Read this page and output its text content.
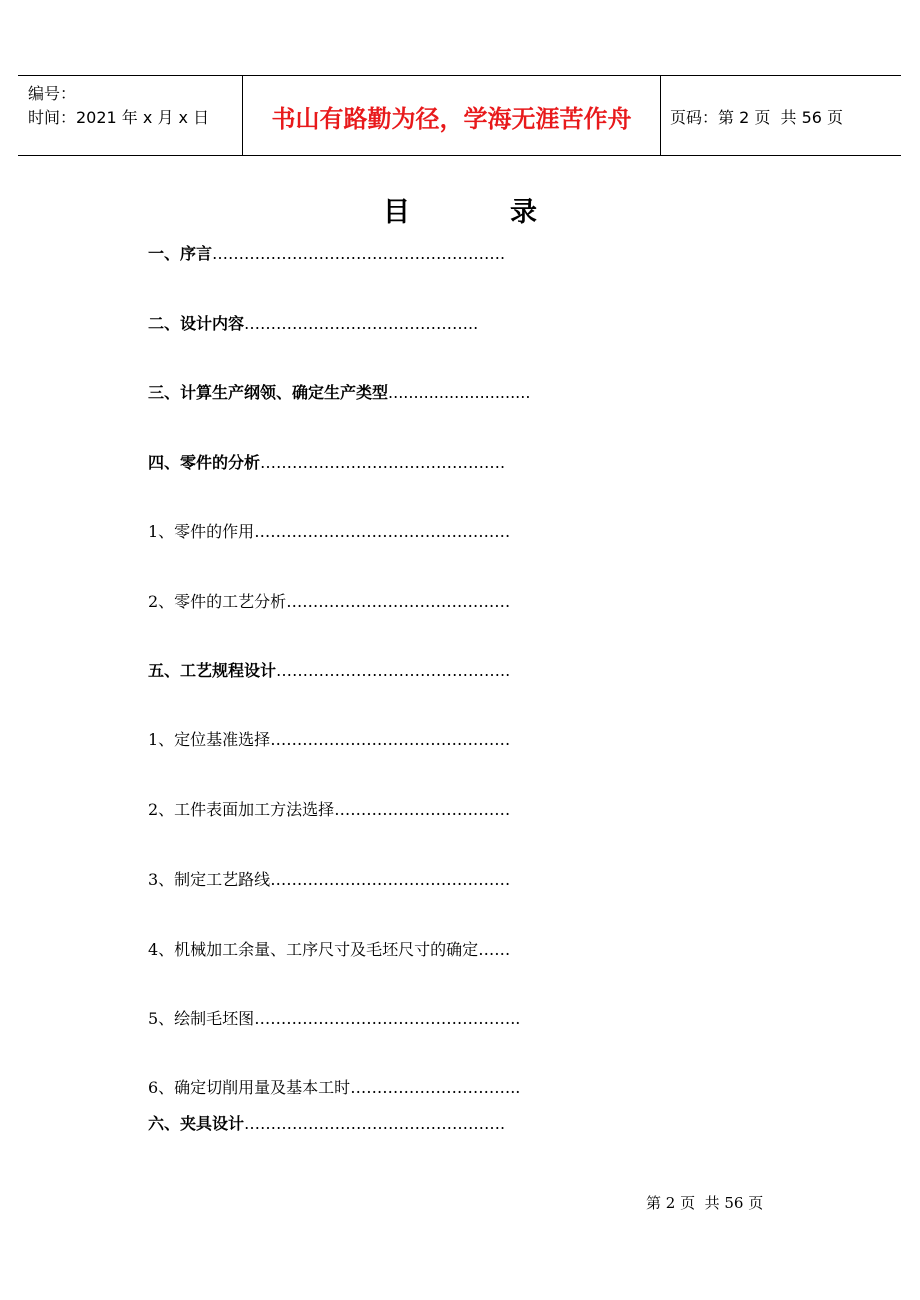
编号：
时间：2021 年 x 月 x 日	书山有路勤为径，学海无涯苦作舟 页码：第 2 页  共 56 页
目	录
一、序言……………………………………………….
二、设计内容……………………………………..
三、计算生产纲领、确定生产类型............................
四、零件的分析……………………………………….
1、零件的作用…………………………………………
2、零件的工艺分析……………………………………
五、工艺规程设计……………………………………..
1、定位基准选择………………………………………
2、工件表面加工方法选择……………………………
3、制定工艺路线………………………………………
4、机械加工余量、工序尺寸及毛坯尺寸的确定……
5、绘制毛坯图…………………………………………..
6、确定切削用量及基本工时…………………………..
六、夹具设计………………………………………….
第 2 页  共 56 页
